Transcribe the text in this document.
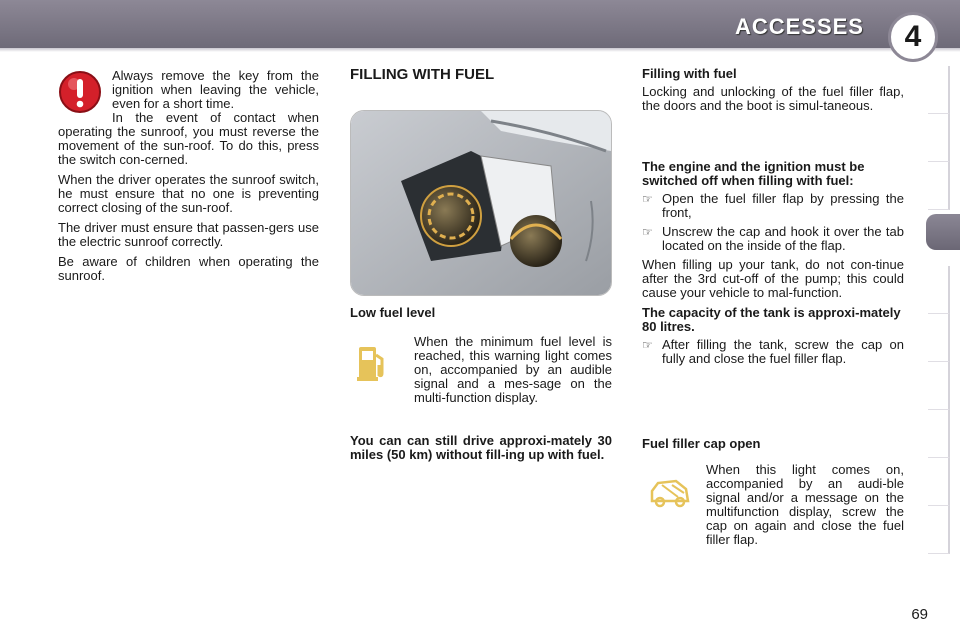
ACCESSES	4

Always remove the key from the ignition when leaving the vehicle, even for a short time.

In the event of contact when operating the sunroof, you must reverse the movement of the sun-roof. To do this, press the switch con-cerned.

When the driver operates the sunroof switch, he must ensure that no one is preventing correct closing of the sun-roof.

The driver must ensure that passen-gers use the electric sunroof correctly.

Be aware of children when operating the sunroof.

FILLING WITH FUEL
Low fuel level

When the minimum fuel level is reached, this warning light comes on, accompanied by an audible signal and a mes-sage on the multi-function display.

You can can still drive approxi-mately 30 miles (50 km) without fill-ing up with fuel.
Filling with fuel

Locking and unlocking of the fuel filler flap, the doors and the boot is simul-taneous.

The engine and the ignition must be switched off when filling with fuel:
☞ Open the fuel filler flap by pressing the front,
☞ Unscrew the cap and hook it over the tab located on the inside of the flap.

When filling up your tank, do not con-tinue after the 3rd cut-off of the pump; this could cause your vehicle to mal-function.

The capacity of the tank is approxi-mately 80 litres.
☞ After filling the tank, screw the cap on fully and close the fuel filler flap.
Fuel filler cap open

When this light comes on, accompanied by an audi-ble signal and/or a message on the multifunction display, screw the cap on again and close the fuel filler flap.

69
